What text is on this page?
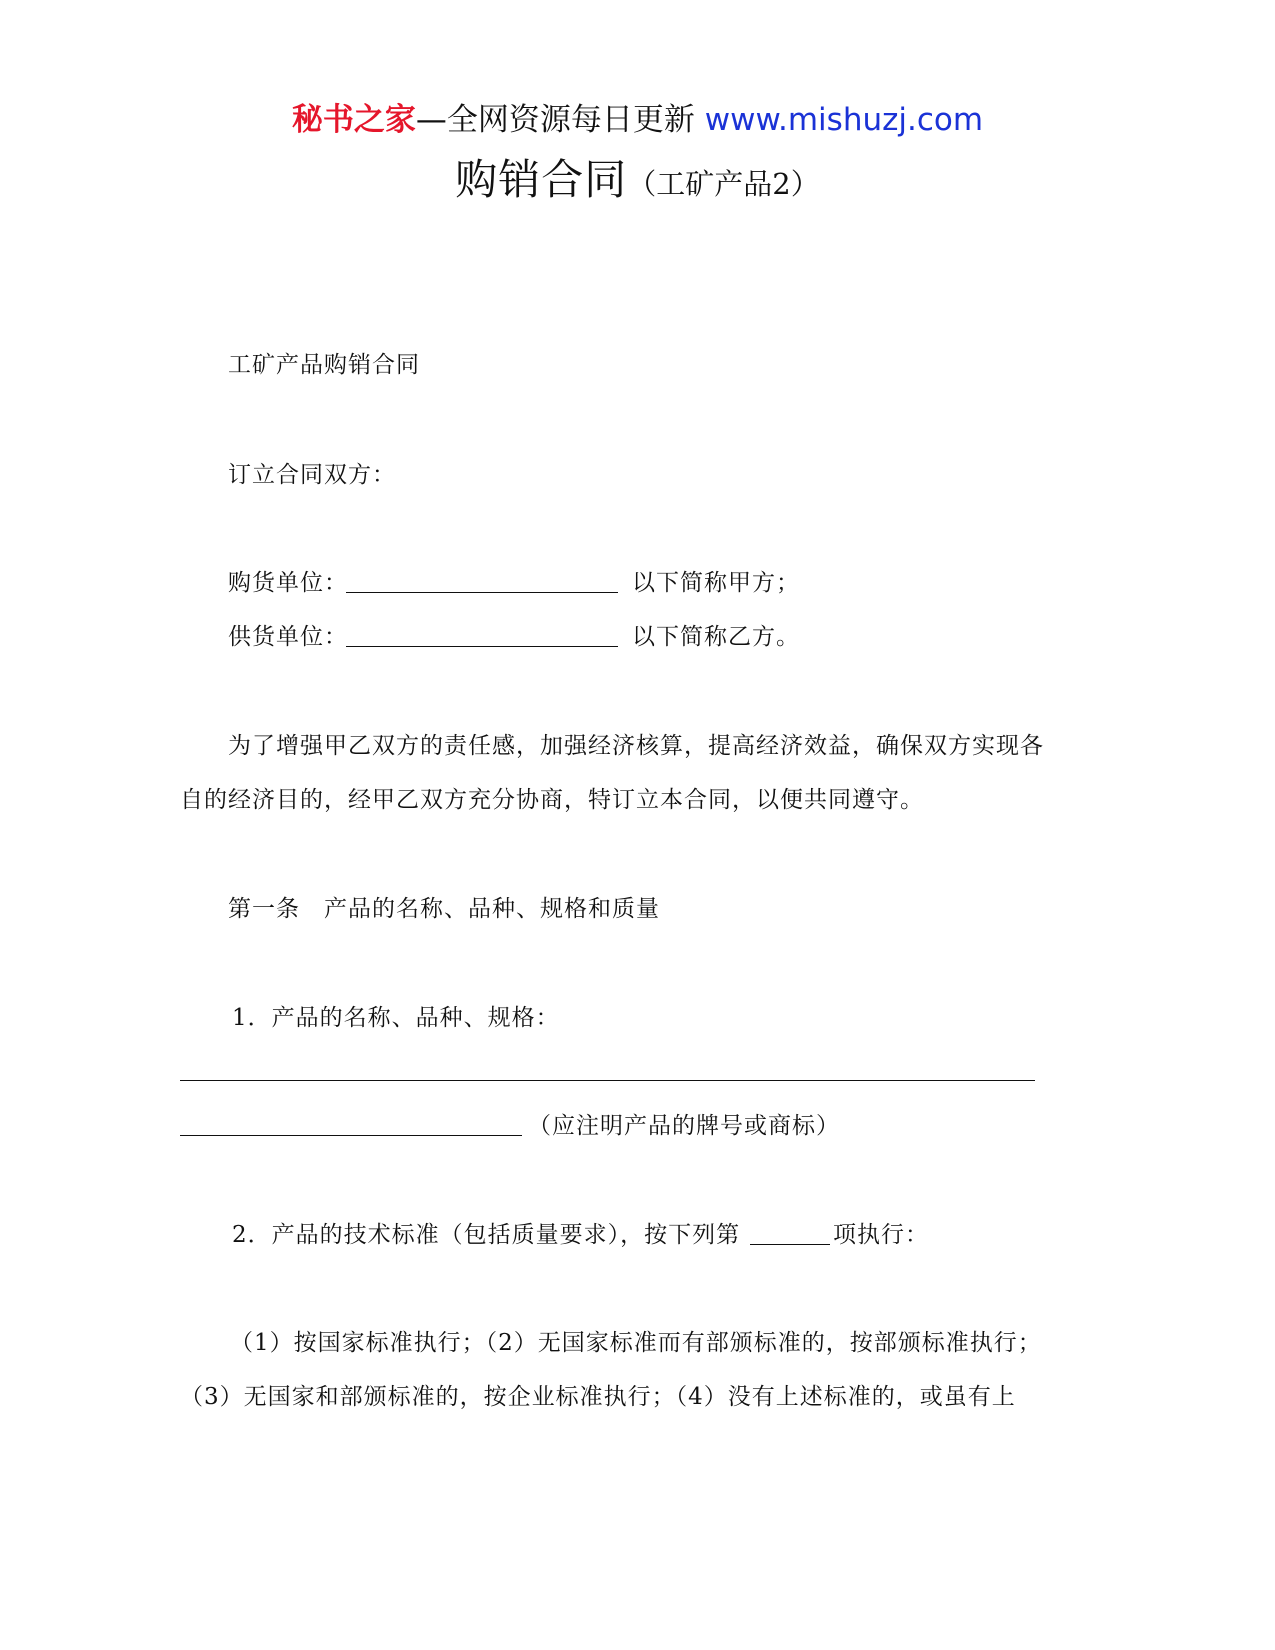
秘书之家—全网资源每日更新 www.mishuzj.com
购销合同（工矿产品2）
工矿产品购销合同
订立合同双方：
购货单位：	以下简称甲方；
供货单位：	以下简称乙方。
为了增强甲乙双方的责任感，加强经济核算，提高经济效益，确保双方实现各
自的经济目的，经甲乙双方充分协商，特订立本合同，以便共同遵守。
第一条　产品的名称、品种、规格和质量
1．产品的名称、品种、规格：
（应注明产品的牌号或商标）
2．产品的技术标准（包括质量要求），按下列第	项执行：
（1）按国家标准执行；（2）无国家标准而有部颁标准的，按部颁标准执行；
（3）无国家和部颁标准的，按企业标准执行；（4）没有上述标准的，或虽有上
